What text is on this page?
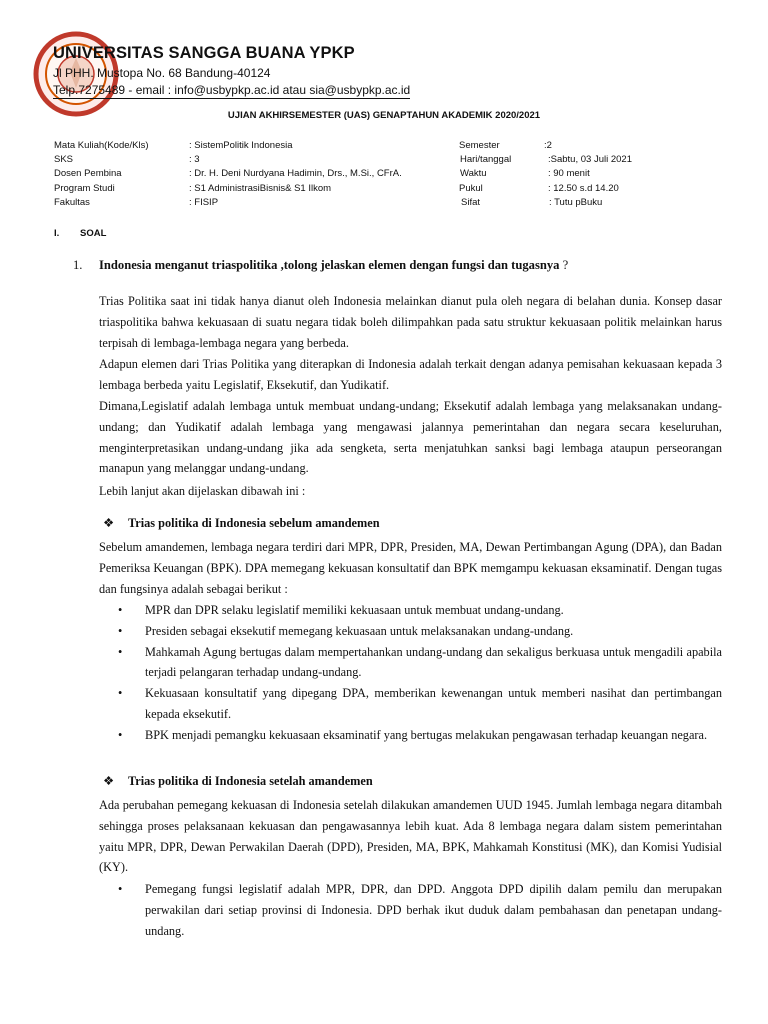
UNIVERSITAS SANGGA BUANA YPKP
Jl PHH. Mustopa No. 68 Bandung-40124
Telp.7275489 - email : info@usbypkp.ac.id atau sia@usbypkp.ac.id
UJIAN AKHIRSEMESTER (UAS) GENAPTAHUN AKADEMIK 2020/2021
Mata Kuliah(Kode/Kls)
SKS
Dosen Pembina
Program Studi
Fakultas
: SistemPolitik Indonesia
: 3
: Dr. H. Deni Nurdyana Hadimin, Drs., M.Si., CFrA.
: S1 AdministrasiBisnis& S1 Ilkom
: FISIP
Semester
Hari/tanggal
Waktu
Pukul
Sifat
:2
:Sabtu, 03 Juli 2021
: 90 menit
: 12.50 s.d 14.20
: Tutu pBuku
I. SOAL
1. Indonesia menganut triaspolitika ,tolong jelaskan elemen dengan fungsi dan tugasnya ?

Trias Politika saat ini tidak hanya dianut oleh Indonesia melainkan dianut pula oleh negara di belahan dunia. Konsep dasar triaspolitika bahwa kekuasaan di suatu negara tidak boleh dilimpahkan pada satu struktur kekuasaan politik melainkan harus terpisah di lembaga-lembaga negara yang berbeda.

Adapun elemen dari Trias Politika yang diterapkan di Indonesia adalah terkait dengan adanya pemisahan kekuasaan kepada 3 lembaga berbeda yaitu Legislatif, Eksekutif, dan Yudikatif.

Dimana,Legislatif adalah lembaga untuk membuat undang-undang; Eksekutif adalah lembaga yang melaksanakan undang-undang; dan Yudikatif adalah lembaga yang mengawasi jalannya pemerintahan dan negara secara keseluruhan, menginterpretasikan undang-undang jika ada sengketa, serta menjatuhkan sanksi bagi lembaga ataupun perseorangan manapun yang melanggar undang-undang.

Lebih lanjut akan dijelaskan dibawah ini :

❖ Trias politika di Indonesia sebelum amandemen

Sebelum amandemen, lembaga negara terdiri dari MPR, DPR, Presiden, MA, Dewan Pertimbangan Agung (DPA), dan Badan Pemeriksa Keuangan (BPK). DPA memegang kekuasan konsultatif dan BPK memgampu kekuasan eksaminatif. Dengan tugas dan fungsinya adalah sebagai berikut :

• MPR dan DPR selaku legislatif memiliki kekuasaan untuk membuat undang-undang.
• Presiden sebagai eksekutif memegang kekuasaan untuk melaksanakan undang-undang.
• Mahkamah Agung bertugas dalam mempertahankan undang-undang dan sekaligus berkuasa untuk mengadili apabila terjadi pelangaran terhadap undang-undang.
• Kekuasaan konsultatif yang dipegang DPA, memberikan kewenangan untuk memberi nasihat dan pertimbangan kepada eksekutif.
• BPK menjadi pemangku kekuasaan eksaminatif yang bertugas melakukan pengawasan terhadap keuangan negara.
❖ Trias politika di Indonesia setelah amandemen

Ada perubahan pemegang kekuasan di Indonesia setelah dilakukan amandemen UUD 1945. Jumlah lembaga negara ditambah sehingga proses pelaksanaan kekuasan dan pengawasannya lebih kuat. Ada 8 lembaga negara dalam sistem pemerintahan yaitu MPR, DPR, Dewan Perwakilan Daerah (DPD), Presiden, MA, BPK, Mahkamah Konstitusi (MK), dan Komisi Yudisial (KY).

• Pemegang fungsi legislatif adalah MPR, DPR, dan DPD. Anggota DPD dipilih dalam pemilu dan merupakan perwakilan dari setiap provinsi di Indonesia. DPD berhak ikut duduk dalam pembahasan dan penetapan undang-undang.
